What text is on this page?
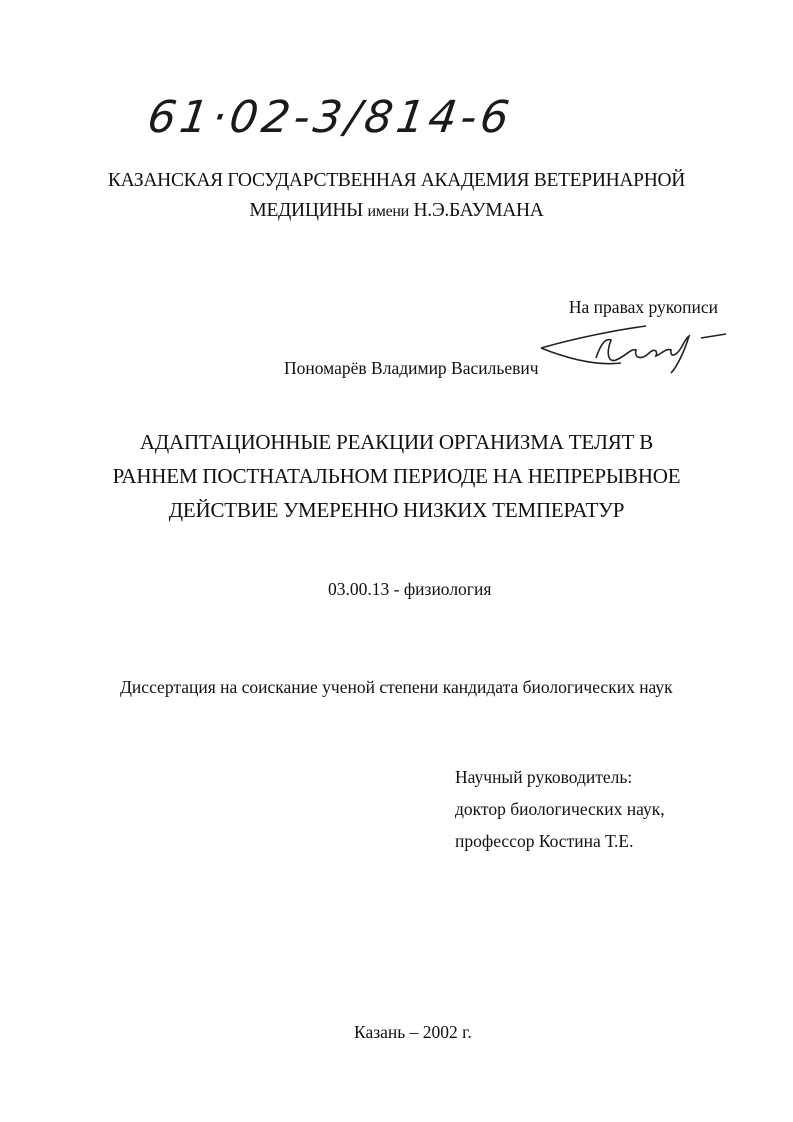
61·02-3/814-6
КАЗАНСКАЯ ГОСУДАРСТВЕННАЯ АКАДЕМИЯ ВЕТЕРИНАРНОЙ
МЕДИЦИНЫ имени Н.Э.БАУМАНА
На правах рукописи
Пономарёв Владимир Васильевич
АДАПТАЦИОННЫЕ РЕАКЦИИ ОРГАНИЗМА ТЕЛЯТ В
РАННЕМ ПОСТНАТАЛЬНОМ ПЕРИОДЕ НА НЕПРЕРЫВНОЕ
ДЕЙСТВИЕ УМЕРЕННО НИЗКИХ ТЕМПЕРАТУР
03.00.13 - физиология
Диссертация на соискание ученой степени кандидата биологических наук
Научный руководитель:
доктор биологических наук,
профессор Костина Т.Е.
Казань – 2002 г.
